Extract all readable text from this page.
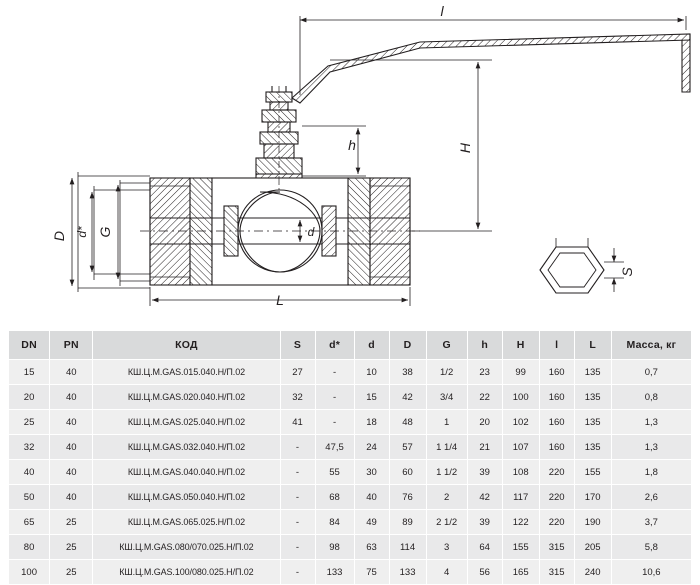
l
L
d
h
D d* G
H
S
DN	PN	КОД	S	d*	d	D	G	h	H	l	L	Масса, кг
15	40	КШ.Ц.М.GAS.015.040.Н/П.02	27	-	10	38	1/2	23	99	160	135	0,7
20	40	КШ.Ц.М.GAS.020.040.Н/П.02	32	-	15	42	3/4	22	100	160	135	0,8
25	40	КШ.Ц.М.GAS.025.040.Н/П.02	41	-	18	48	1	20	102	160	135	1,3
32	40	КШ.Ц.М.GAS.032.040.Н/П.02	-	47,5	24	57	1 1/4	21	107	160	135	1,3
40	40	КШ.Ц.М.GAS.040.040.Н/П.02	-	55	30	60	1 1/2	39	108	220	155	1,8
50	40	КШ.Ц.М.GAS.050.040.Н/П.02	-	68	40	76	2	42	117	220	170	2,6
65	25	КШ.Ц.М.GAS.065.025.Н/П.02	-	84	49	89	2 1/2	39	122	220	190	3,7
80	25	КШ.Ц.М.GAS.080/070.025.Н/П.02	-	98	63	114	3	64	155	315	205	5,8
100	25	КШ.Ц.М.GAS.100/080.025.Н/П.02	-	133	75	133	4	56	165	315	240	10,6
